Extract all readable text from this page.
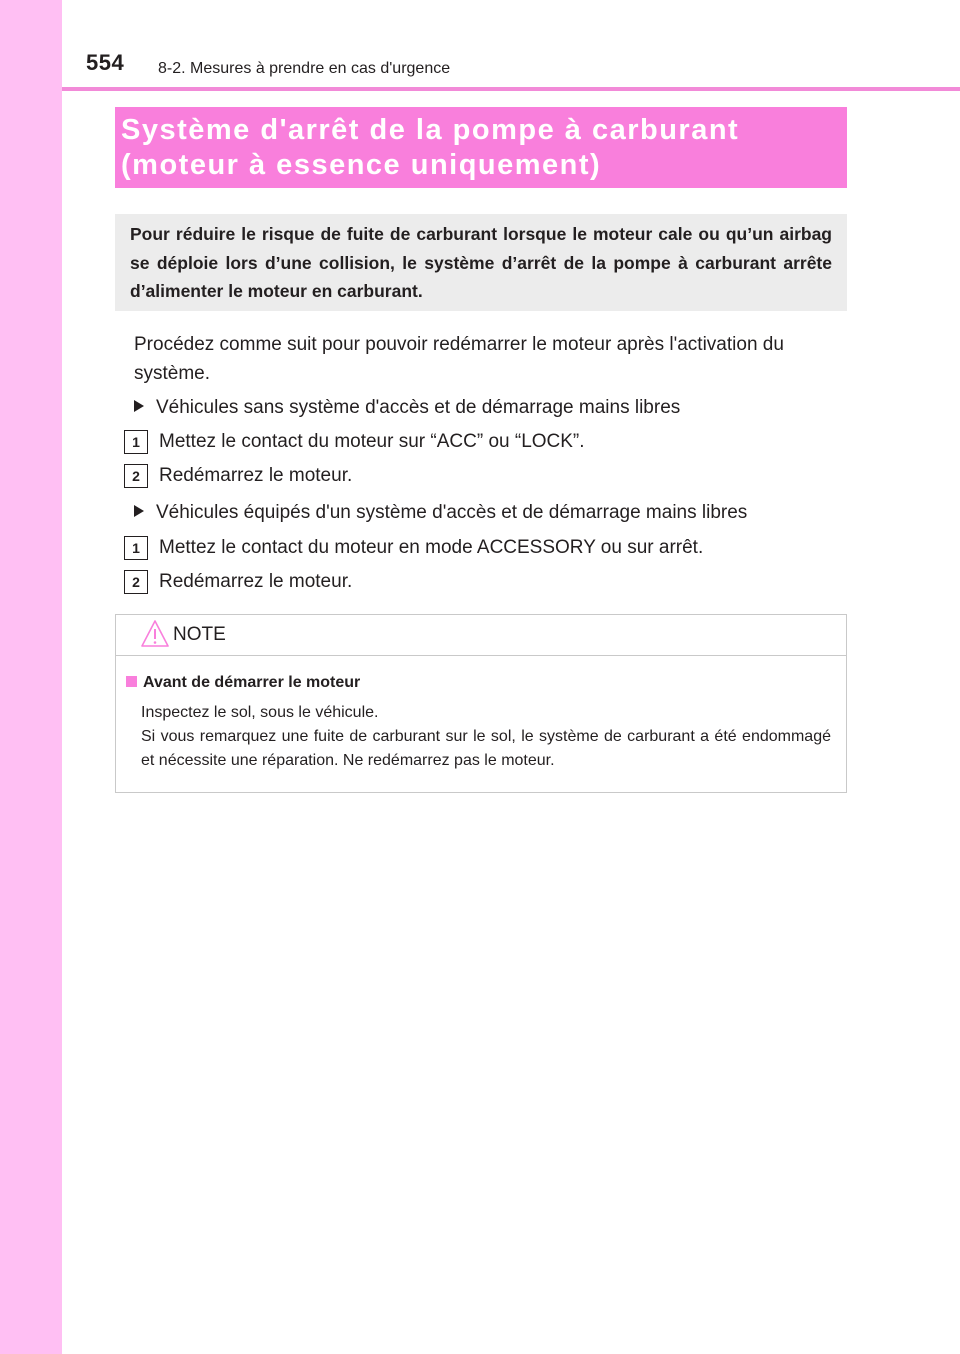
554 8-2. Mesures à prendre en cas d'urgence
Système d'arrêt de la pompe à carburant
(moteur à essence uniquement)
Pour réduire le risque de fuite de carburant lorsque le moteur cale ou qu’un airbag se déploie lors d’une collision, le système d’arrêt de la pompe à carburant arrête d’alimenter le moteur en carburant.
Procédez comme suit pour pouvoir redémarrer le moteur après l'activation du système.
Véhicules sans système d'accès et de démarrage mains libres
1	Mettez le contact du moteur sur “ACC” ou “LOCK”.
2	Redémarrez le moteur.
Véhicules équipés d'un système d'accès et de démarrage mains libres
1	Mettez le contact du moteur en mode ACCESSORY ou sur arrêt.
2	Redémarrez le moteur.
NOTE
Avant de démarrer le moteur
Inspectez le sol, sous le véhicule.
Si vous remarquez une fuite de carburant sur le sol, le système de carburant a été endommagé et nécessite une réparation. Ne redémarrez pas le moteur.
